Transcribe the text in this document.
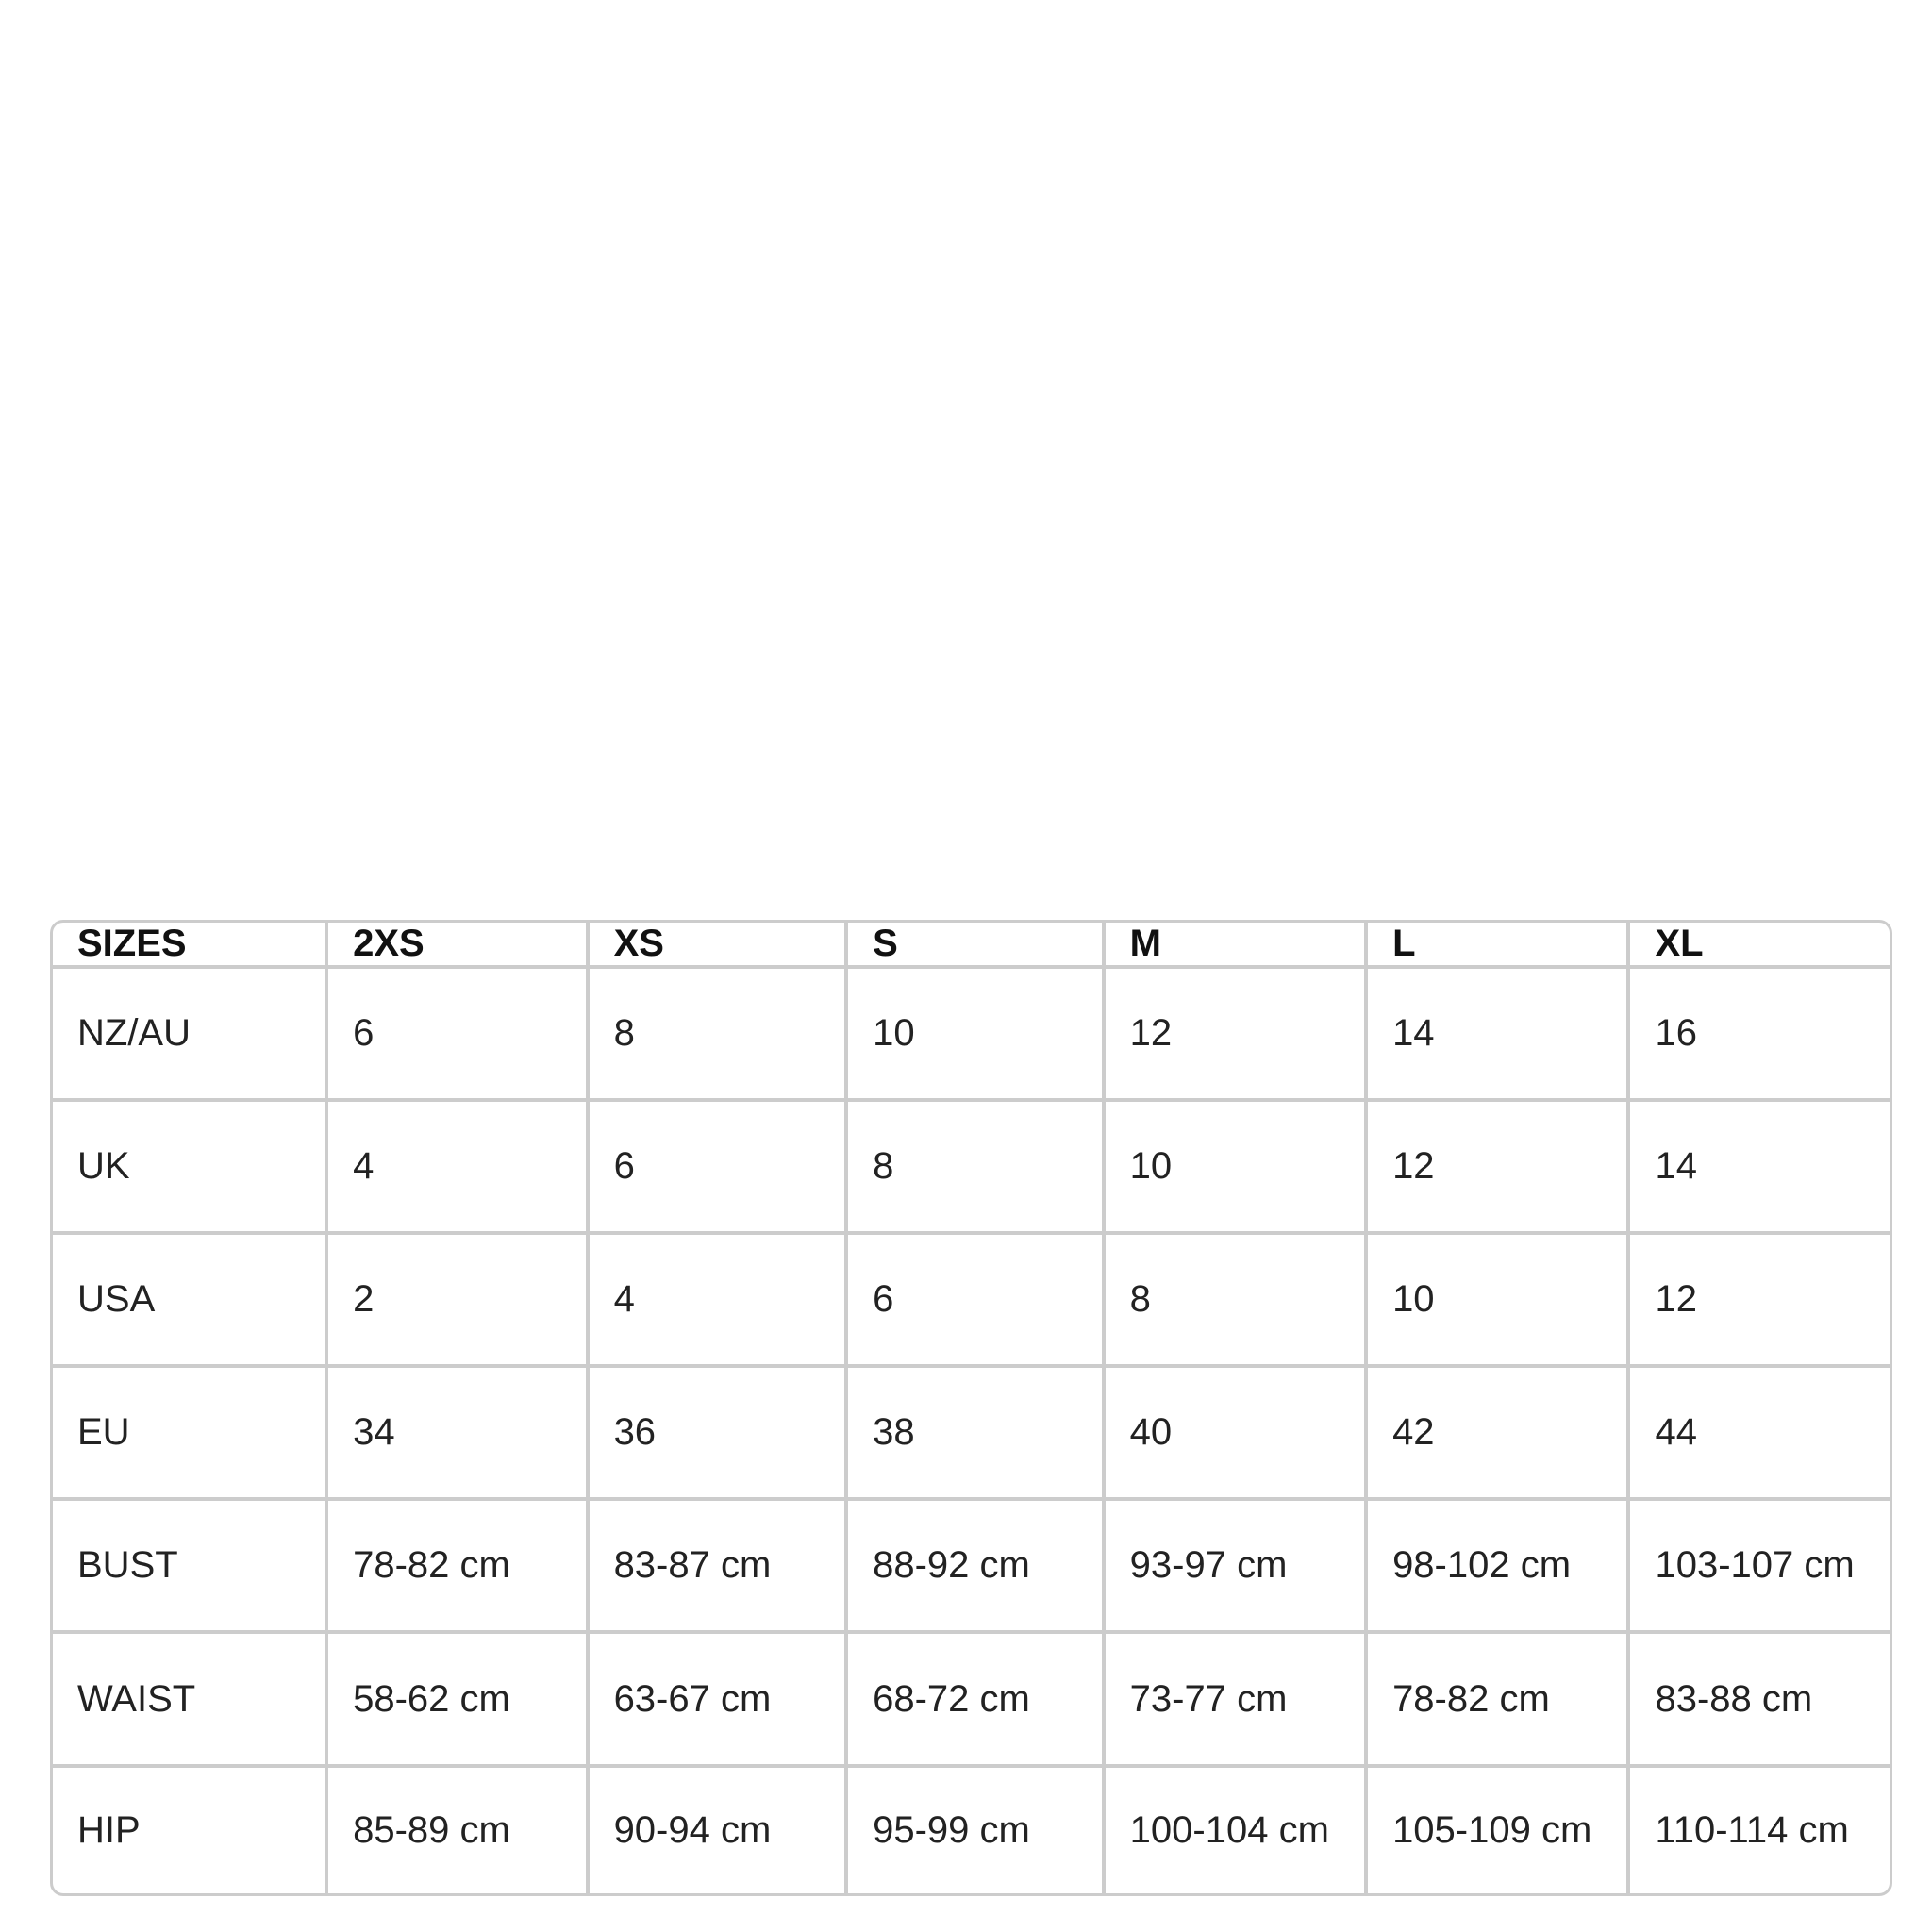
SIZES	2XS	XS	S	M	L	XL
NZ/AU	6	8	10	12	14	16
UK	4	6	8	10	12	14
USA	2	4	6	8	10	12
EU	34	36	38	40	42	44
BUST	78-82 cm	83-87 cm	88-92 cm	93-97 cm	98-102 cm	103-107 cm
WAIST	58-62 cm	63-67 cm	68-72 cm	73-77 cm	78-82 cm	83-88 cm
HIP	85-89 cm	90-94 cm	95-99 cm	100-104 cm	105-109 cm	110-114 cm
